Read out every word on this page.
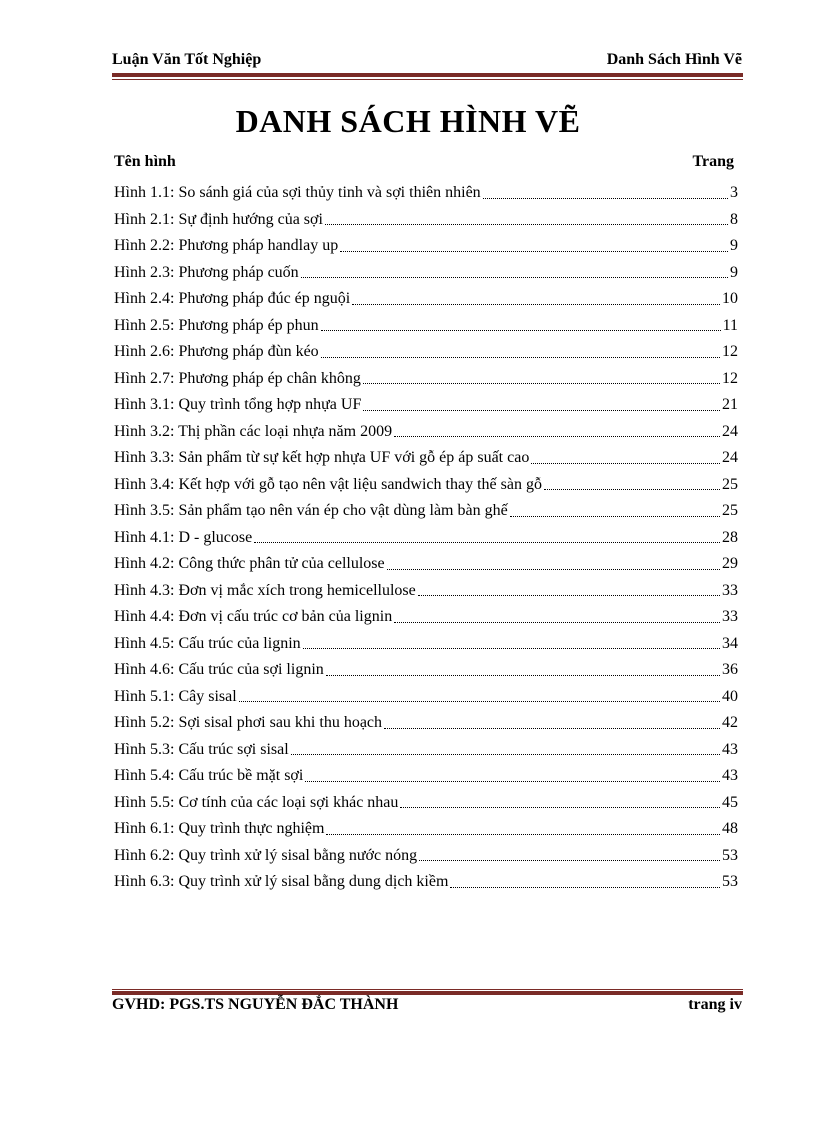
Luận Văn Tốt Nghiệp	Danh Sách Hình Vẽ
DANH SÁCH HÌNH VẼ
Tên hình	Trang
Hình 1.1: So sánh giá của sợi thủy tinh và sợi thiên nhiên	3
Hình 2.1: Sự định hướng của sợi	8
Hình 2.2: Phương pháp handlay up	9
Hình 2.3: Phương pháp cuốn	9
Hình 2.4: Phương pháp đúc ép nguội	10
Hình 2.5: Phương pháp ép phun	11
Hình 2.6: Phương pháp đùn kéo	12
Hình 2.7: Phương pháp ép chân không	12
Hình 3.1: Quy trình tổng hợp nhựa UF	21
Hình 3.2: Thị phần các loại nhựa năm 2009	24
Hình 3.3: Sản phẩm từ sự kết hợp nhựa UF với gỗ ép áp suất cao	24
Hình 3.4: Kết hợp với gỗ tạo nên vật liệu sandwich thay thế sàn gỗ	25
Hình 3.5: Sản phẩm tạo nên ván ép cho vật dùng làm bàn ghế	25
Hình 4.1: D - glucose	28
Hình 4.2: Công thức phân tử của cellulose	29
Hình 4.3: Đơn vị mắc xích trong hemicellulose	33
Hình 4.4: Đơn vị cấu trúc cơ bản của lignin	33
Hình 4.5: Cấu trúc của lignin	34
Hình 4.6: Cấu trúc của sợi lignin	36
Hình 5.1: Cây sisal	40
Hình 5.2: Sợi sisal phơi sau khi thu hoạch	42
Hình 5.3: Cấu trúc sợi sisal	43
Hình 5.4: Cấu trúc bề mặt sợi	43
Hình 5.5: Cơ tính của các loại sợi khác nhau	45
Hình 6.1: Quy trình thực nghiệm	48
Hình 6.2: Quy trình xử lý sisal bằng nước nóng	53
Hình 6.3: Quy trình xử lý sisal bằng dung dịch kiềm	53
GVHD: PGS.TS NGUYỄN ĐẮC THÀNH	trang iv
